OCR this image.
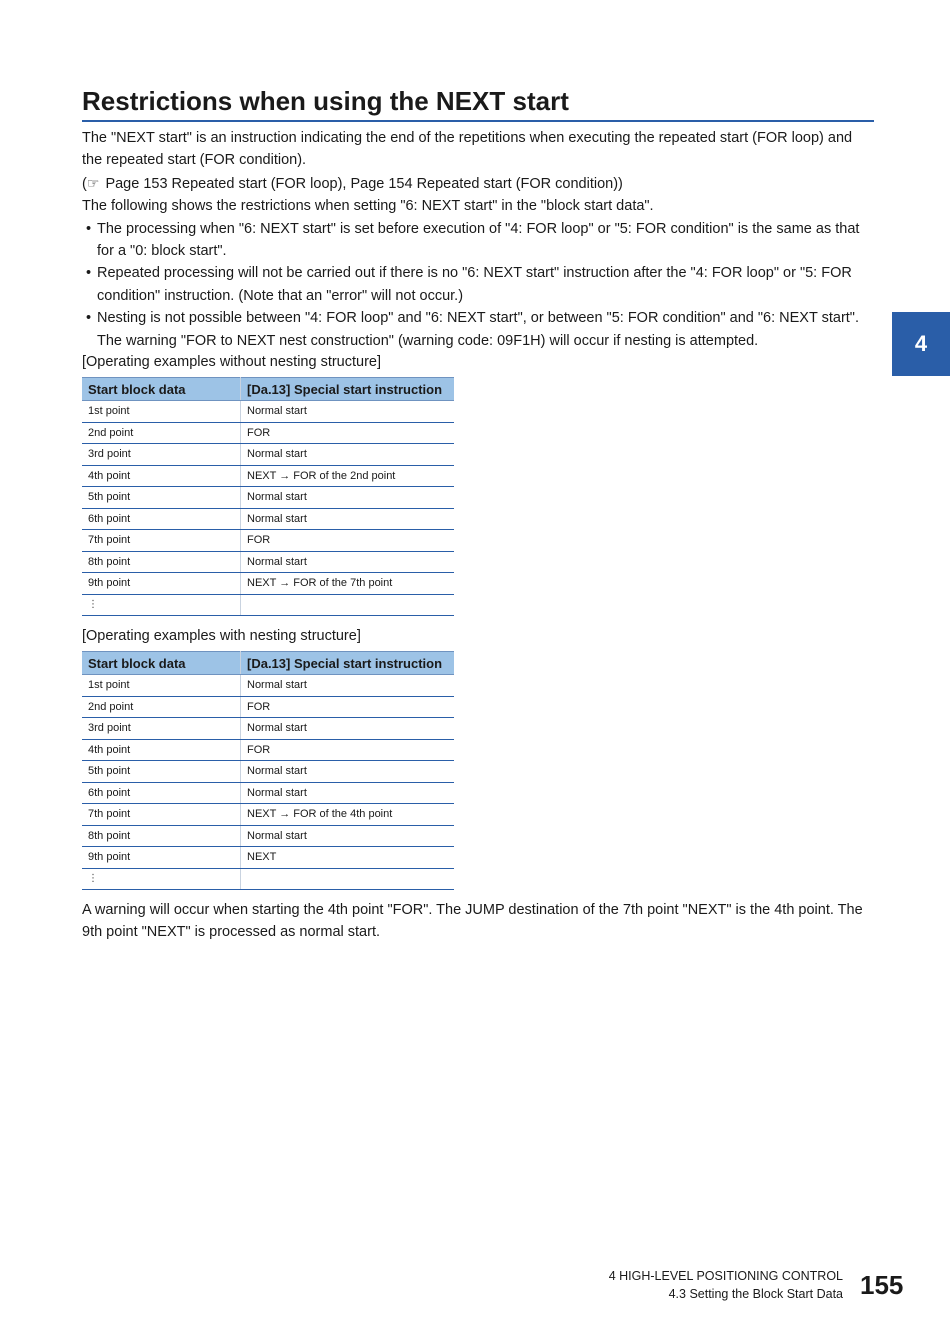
Restrictions when using the NEXT start
4

The "NEXT start" is an instruction indicating the end of the repetitions when executing the repeated start (FOR loop) and the repeated start (FOR condition).

(☞ Page 153 Repeated start (FOR loop), Page 154 Repeated start (FOR condition))

The following shows the restrictions when setting "6: NEXT start" in the "block start data".

• The processing when "6: NEXT start" is set before execution of "4: FOR loop" or "5: FOR condition" is the same as that for a "0: block start".

• Repeated processing will not be carried out if there is no "6: NEXT start" instruction after the "4: FOR loop" or "5: FOR condition" instruction. (Note that an "error" will not occur.)

• Nesting is not possible between "4: FOR loop" and "6: NEXT start", or between "5: FOR condition" and "6: NEXT start". The warning "FOR to NEXT nest construction" (warning code: 09F1H) will occur if nesting is attempted.

[Operating examples without nesting structure]
Start block data	[Da.13] Special start instruction
1st point	Normal start
2nd point	FOR
3rd point	Normal start
4th point	NEXT → FOR of the 2nd point
5th point	Normal start
6th point	Normal start
7th point	FOR
8th point	Normal start
9th point	NEXT → FOR of the 7th point
⋮	
[Operating examples with nesting structure]
Start block data	[Da.13] Special start instruction
1st point	Normal start
2nd point	FOR
3rd point	Normal start
4th point	FOR
5th point	Normal start
6th point	Normal start
7th point	NEXT → FOR of the 4th point
8th point	Normal start
9th point	NEXT
⋮	
A warning will occur when starting the 4th point "FOR". The JUMP destination of the 7th point "NEXT" is the 4th point. The 9th point "NEXT" is processed as normal start.
4 HIGH-LEVEL POSITIONING CONTROL
4.3 Setting the Block Start Data 155
